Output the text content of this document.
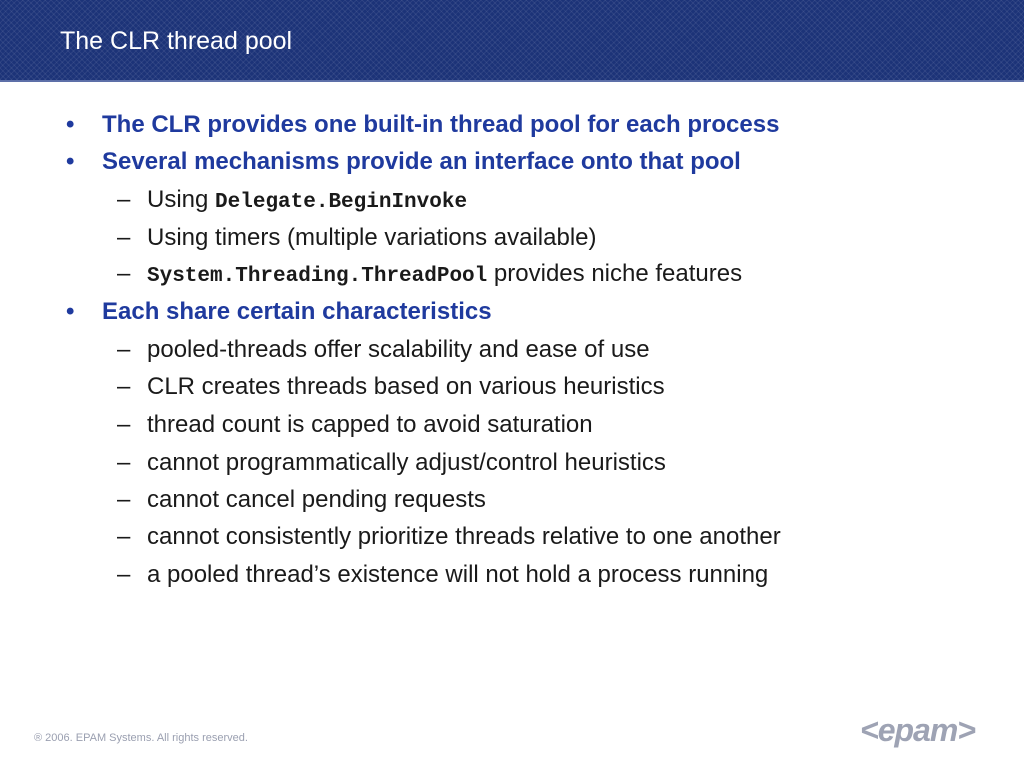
The CLR thread pool
• The CLR provides one built-in thread pool for each process
• Several mechanisms provide an interface onto that pool
– Using Delegate.BeginInvoke
– Using timers (multiple variations available)
– System.Threading.ThreadPool provides niche features
• Each share certain characteristics
– pooled-threads offer scalability and ease of use
– CLR creates threads based on various heuristics
– thread count is capped to avoid saturation
– cannot programmatically adjust/control heuristics
– cannot cancel pending requests
– cannot consistently prioritize threads relative to one another
– a pooled thread’s existence will not hold a process running
® 2006. EPAM Systems. All rights reserved.	<epam>
